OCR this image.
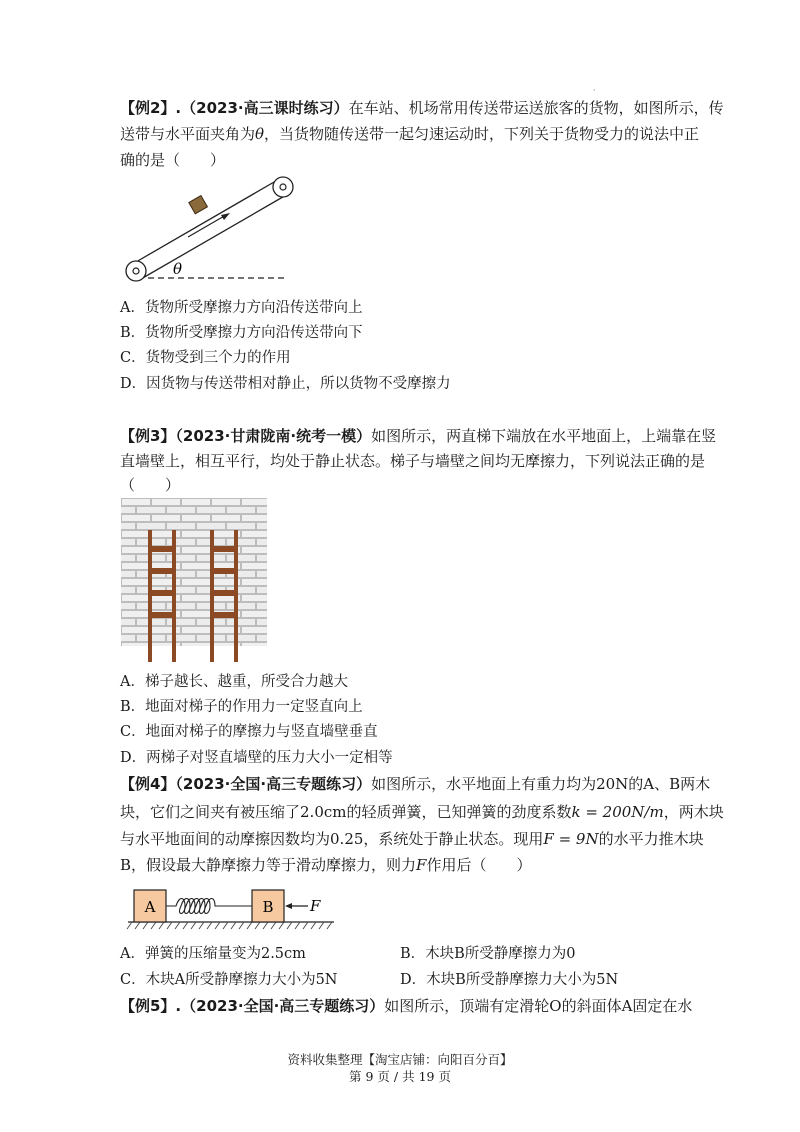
·
【例2】.（2023·高三课时练习）在车站、机场常用传送带运送旅客的货物，如图所示，传
送带与水平面夹角为θ，当货物随传送带一起匀速运动时，下列关于货物受力的说法中正
确的是（　　）
θ
A．货物所受摩擦力方向沿传送带向上
B．货物所受摩擦力方向沿传送带向下
C．货物受到三个力的作用
D．因货物与传送带相对静止，所以货物不受摩擦力
【例3】（2023·甘肃陇南·统考一模）如图所示，两直梯下端放在水平地面上，上端靠在竖
直墙壁上，相互平行，均处于静止状态。梯子与墙壁之间均无摩擦力，下列说法正确的是
（　　）
A．梯子越长、越重，所受合力越大
B．地面对梯子的作用力一定竖直向上
C．地面对梯子的摩擦力与竖直墙壁垂直
D．两梯子对竖直墙壁的压力大小一定相等
【例4】（2023·全国·高三专题练习）如图所示，水平地面上有重力均为20N的A、B两木
块，它们之间夹有被压缩了2.0cm的轻质弹簧，已知弹簧的劲度系数k = 200N/m，两木块
与水平地面间的动摩擦因数均为0.25，系统处于静止状态。现用F = 9N的水平力推木块
B，假设最大静摩擦力等于滑动摩擦力，则力F作用后（　　）
A	B F
A．弹簧的压缩量变为2.5cm	B．木块B所受静摩擦力为0
C．木块A所受静摩擦力大小为5N	D．木块B所受静摩擦力大小为5N
【例5】.（2023·全国·高三专题练习）如图所示，顶端有定滑轮O的斜面体A固定在水
资料收集整理【淘宝店铺：向阳百分百】
第 9 页 / 共 19 页
